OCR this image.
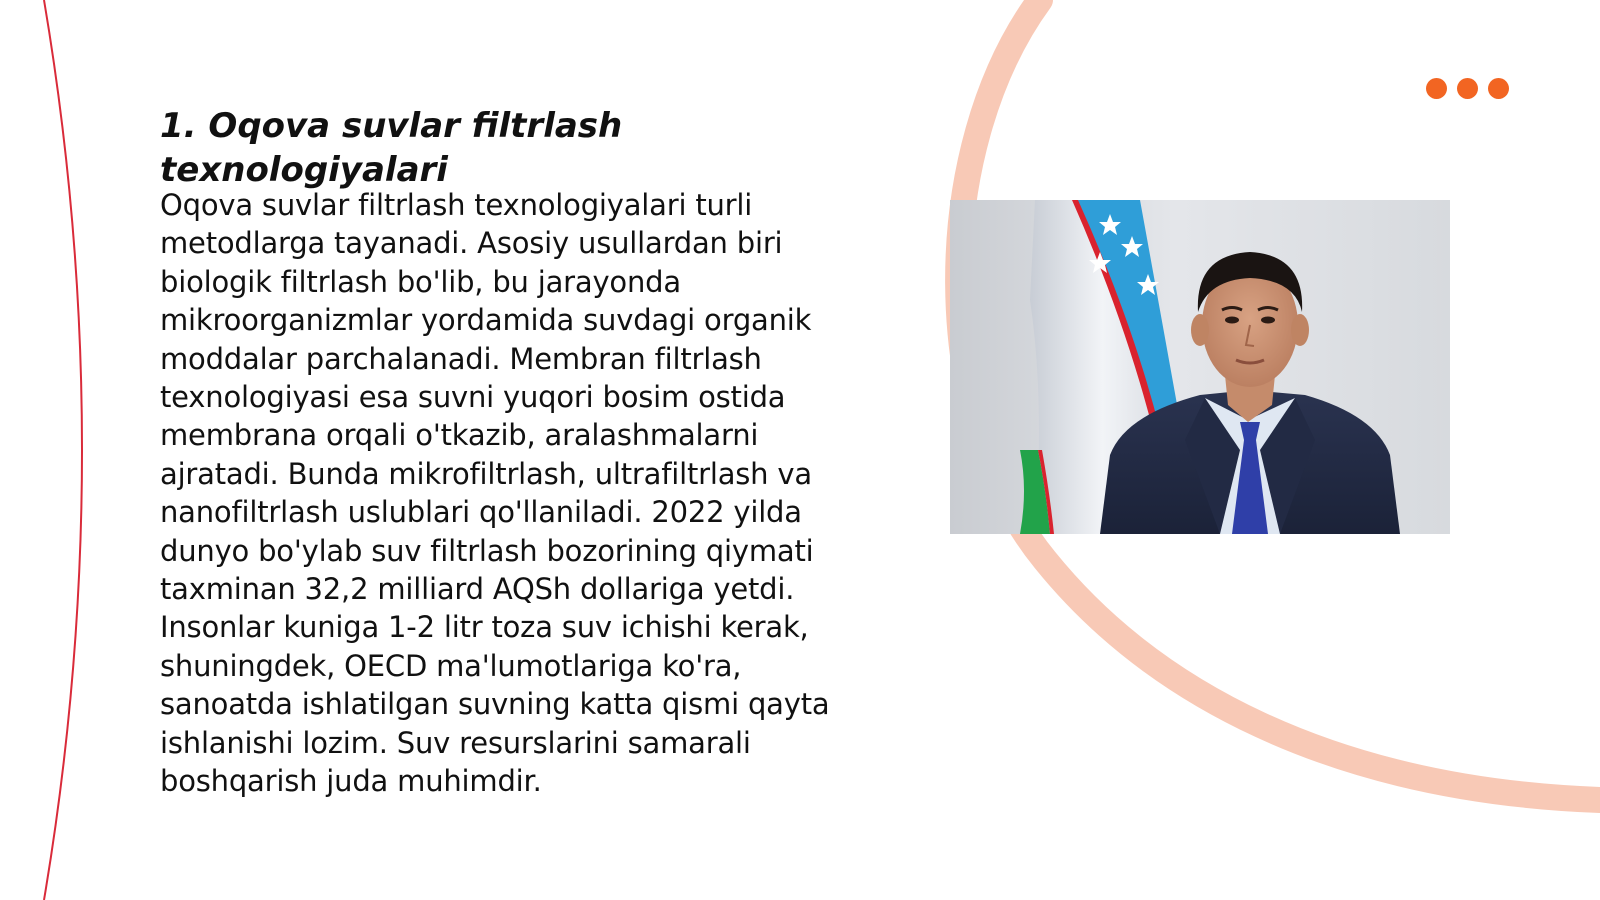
1. Oqova suvlar filtrlash texnologiyalari

Oqova suvlar filtrlash texnologiyalari turli metodlarga tayanadi. Asosiy usullardan biri biologik filtrlash bo'lib, bu jarayonda mikroorganizmlar yordamida suvdagi organik moddalar parchalanadi. Membran filtrlash texnologiyasi esa suvni yuqori bosim ostida membrana orqali o'tkazib, aralashmalarni ajratadi. Bunda mikrofiltrlash, ultrafiltrlash va nanofiltrlash uslublari qo'llaniladi. 2022 yilda dunyo bo'ylab suv filtrlash bozorining qiymati taxminan 32,2 milliard AQSh dollariga yetdi. Insonlar kuniga 1-2 litr toza suv ichishi kerak, shuningdek, OECD ma'lumotlariga ko'ra, sanoatda ishlatilgan suvning katta qismi qayta ishlanishi lozim. Suv resurslarini samarali boshqarish juda muhimdir.
